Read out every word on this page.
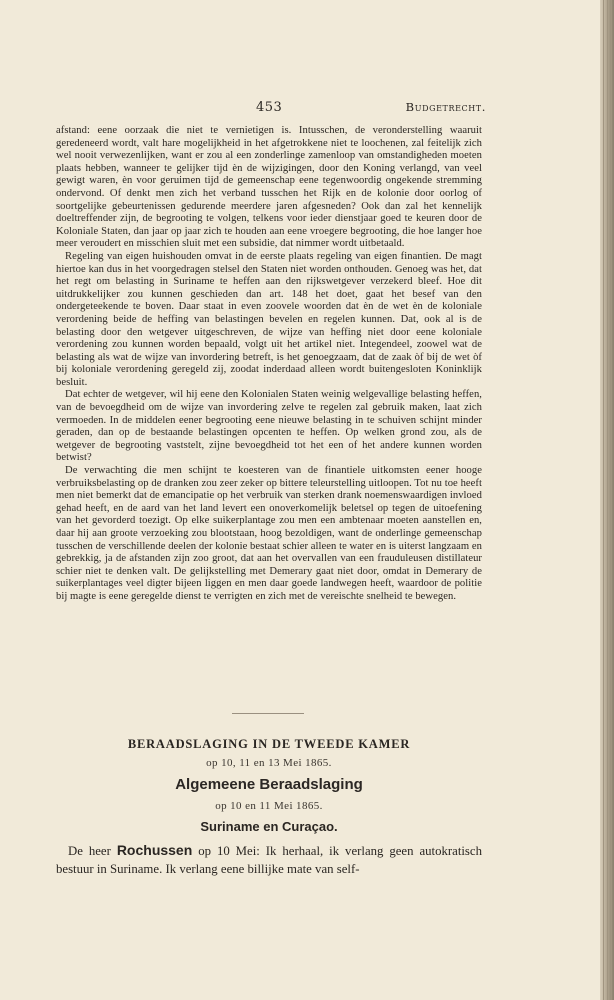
453	Budgetrecht.

afstand: eene oorzaak die niet te vernietigen is. Intusschen, de veronderstelling waaruit geredeneerd wordt, valt hare mogelijkheid in het afgetrokkene niet te loochenen, zal feitelijk zich wel nooit verwezenlijken, want er zou al een zonderlinge zamenloop van omstandigheden moeten plaats hebben, wanneer te gelijker tijd èn de wijzigingen, door den Koning verlangd, van veel gewigt waren, èn voor geruimen tijd de gemeenschap eene tegenwoordig ongekende stremming ondervond. Of denkt men zich het verband tusschen het Rijk en de kolonie door oorlog of soortgelijke gebeurtenissen gedurende meerdere jaren afgesneden? Ook dan zal het kennelijk doeltreffender zijn, de begrooting te volgen, telkens voor ieder dienstjaar goed te keuren door de Koloniale Staten, dan jaar op jaar zich te houden aan eene vroegere begrooting, die hoe langer hoe meer veroudert en misschien sluit met een subsidie, dat nimmer wordt uitbetaald.

Regeling van eigen huishouden omvat in de eerste plaats regeling van eigen finantien. De magt hiertoe kan dus in het voorgedragen stelsel den Staten niet worden onthouden. Genoeg was het, dat het regt om belasting in Suriname te heffen aan den rijkswetgever verzekerd bleef. Hoe dit uitdrukkelijker zou kunnen geschieden dan art. 148 het doet, gaat het besef van den ondergeteekende te boven. Daar staat in even zoovele woorden dat èn de wet èn de koloniale verordening beide de heffing van belastingen bevelen en regelen kunnen. Dat, ook al is de belasting door den wetgever uitgeschreven, de wijze van heffing niet door eene koloniale verordening zou kunnen worden bepaald, volgt uit het artikel niet. Integendeel, zoowel wat de belasting als wat de wijze van invordering betreft, is het genoegzaam, dat de zaak òf bij de wet òf bij koloniale verordening geregeld zij, zoodat inderdaad alleen wordt buitengesloten Koninklijk besluit.

Dat echter de wetgever, wil hij eene den Kolonialen Staten weinig welgevallige belasting heffen, van de bevoegdheid om de wijze van invordering zelve te regelen zal gebruik maken, laat zich vermoeden. In de middelen eener begrooting eene nieuwe belasting in te schuiven schijnt minder geraden, dan op de bestaande belastingen opcenten te heffen. Op welken grond zou, als de wetgever de begrooting vaststelt, zijne bevoegdheid tot het een of het andere kunnen worden betwist?

De verwachting die men schijnt te koesteren van de finantiele uitkomsten eener hooge verbruiksbelasting op de dranken zou zeer zeker op bittere teleurstelling uitloopen. Tot nu toe heeft men niet bemerkt dat de emancipatie op het verbruik van sterken drank noemenswaardigen invloed gehad heeft, en de aard van het land levert een onoverkomelijk beletsel op tegen de uitoefening van het gevorderd toezigt. Op elke suikerplantage zou men een ambtenaar moeten aanstellen en, daar hij aan groote verzoeking zou blootstaan, hoog bezoldigen, want de onderlinge gemeenschap tusschen de verschillende deelen der kolonie bestaat schier alleen te water en is uiterst langzaam en gebrekkig, ja de afstanden zijn zoo groot, dat aan het overvallen van een frauduleusen distillateur schier niet te denken valt. De gelijkstelling met Demerary gaat niet door, omdat in Demerary de suikerplantages veel digter bijeen liggen en men daar goede landwegen heeft, waardoor de politie bij magte is eene geregelde dienst te verrigten en zich met de vereischte snelheid te bewegen.

BERAADSLAGING IN DE TWEEDE KAMER
op 10, 11 en 13 Mei 1865.
Algemeene Beraadslaging
op 10 en 11 Mei 1865.
Suriname en Curaçao.

De heer Rochussen op 10 Mei: Ik herhaal, ik verlang geen autokratisch bestuur in Suriname. Ik verlang eene billijke mate van self-
